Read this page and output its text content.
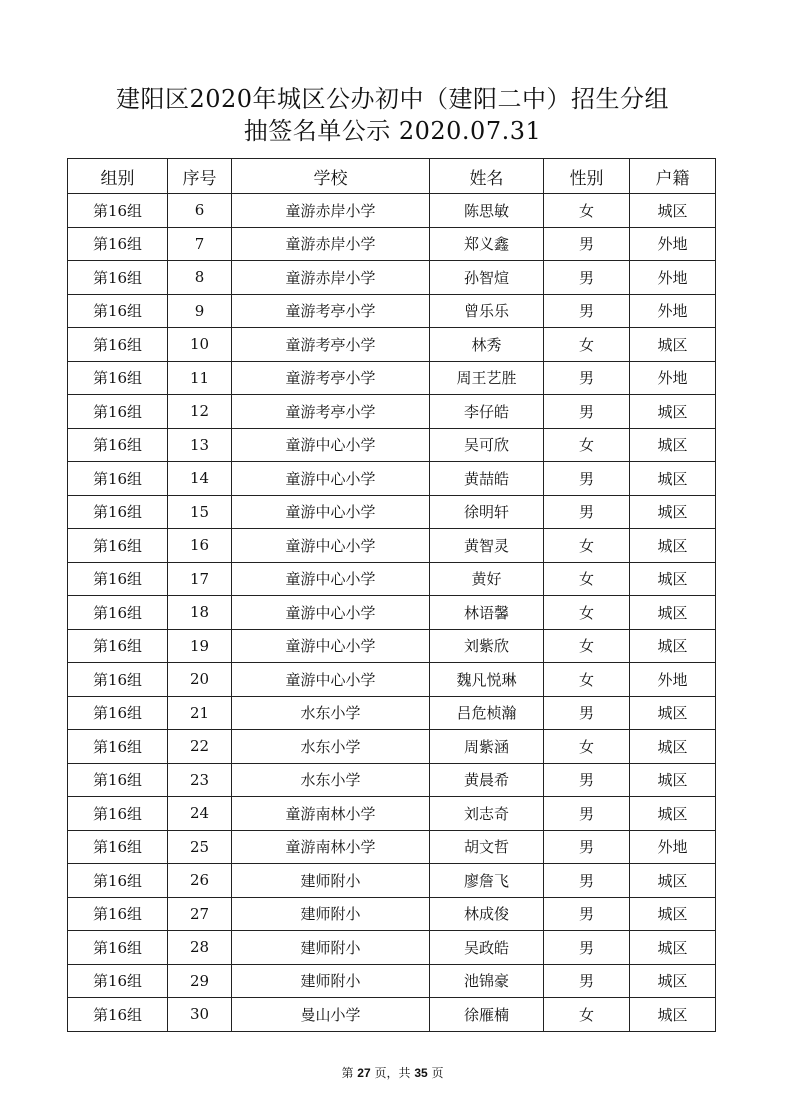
建阳区2020年城区公办初中（建阳二中）招生分组
抽签名单公示 2020.07.31
组别	序号	学校	姓名	性别	户籍
第16组	6	童游赤岸小学	陈思敏	女	城区
第16组	7	童游赤岸小学	郑义鑫	男	外地
第16组	8	童游赤岸小学	孙智煊	男	外地
第16组	9	童游考亭小学	曾乐乐	男	外地
第16组	10	童游考亭小学	林秀	女	城区
第16组	11	童游考亭小学	周王艺胜	男	外地
第16组	12	童游考亭小学	李仔皓	男	城区
第16组	13	童游中心小学	吴可欣	女	城区
第16组	14	童游中心小学	黄喆皓	男	城区
第16组	15	童游中心小学	徐明轩	男	城区
第16组	16	童游中心小学	黄智灵	女	城区
第16组	17	童游中心小学	黄好	女	城区
第16组	18	童游中心小学	林语馨	女	城区
第16组	19	童游中心小学	刘紫欣	女	城区
第16组	20	童游中心小学	魏凡悦琳	女	外地
第16组	21	水东小学	吕危桢瀚	男	城区
第16组	22	水东小学	周紫涵	女	城区
第16组	23	水东小学	黄晨希	男	城区
第16组	24	童游南林小学	刘志奇	男	城区
第16组	25	童游南林小学	胡文哲	男	外地
第16组	26	建师附小	廖詹飞	男	城区
第16组	27	建师附小	林成俊	男	城区
第16组	28	建师附小	吴政皓	男	城区
第16组	29	建师附小	池锦豪	男	城区
第16组	30	曼山小学	徐雁楠	女	城区
第 27 页，共 35 页
